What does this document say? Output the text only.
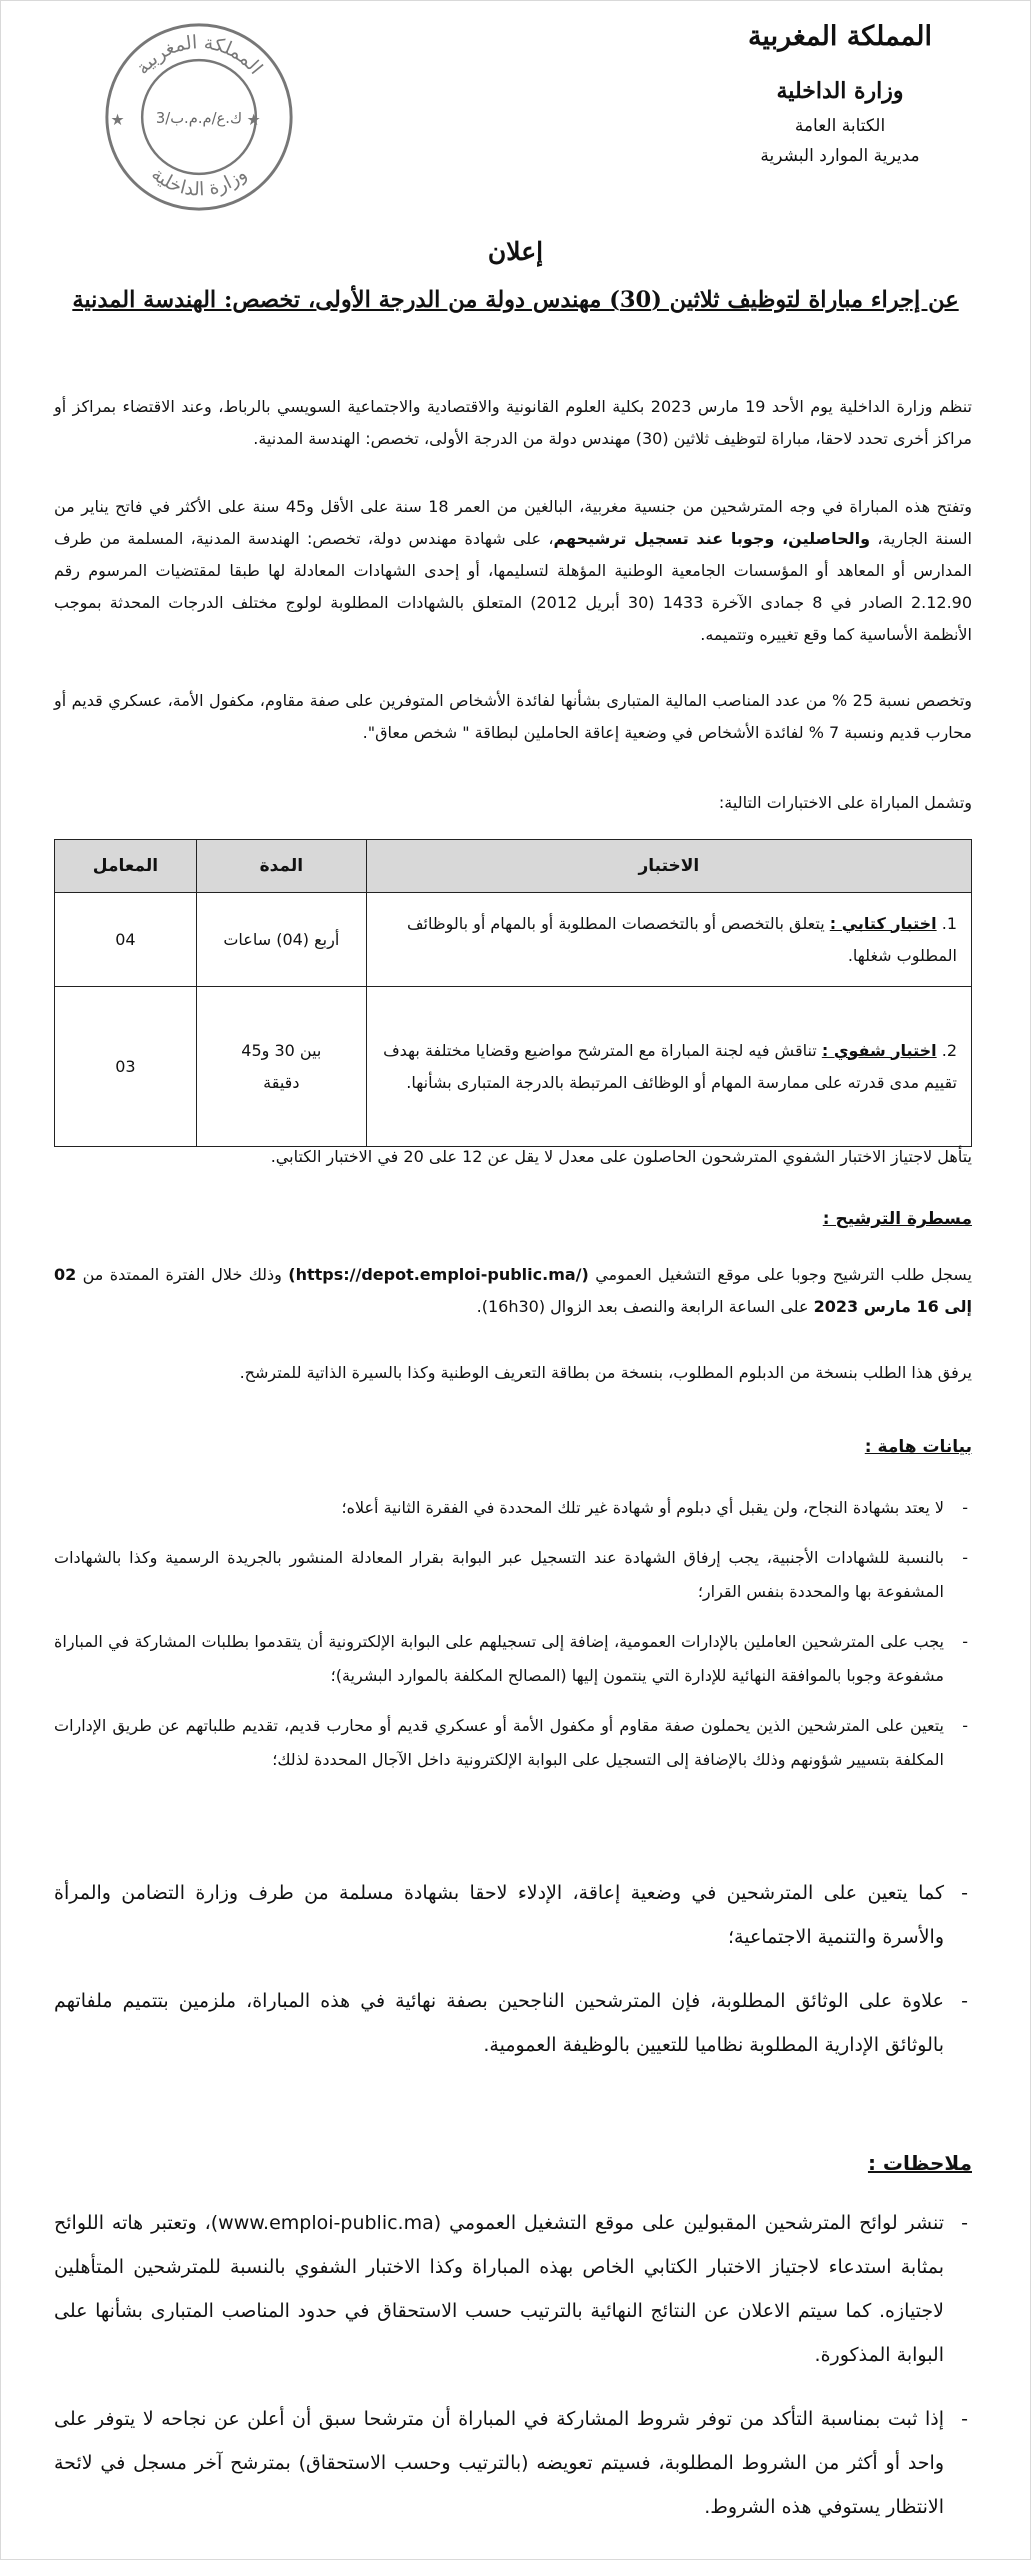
المملكة المغربية
وزارة الداخلية
الكتابة العامة
مديرية الموارد البشرية
المملكة المغربية
وزارة الداخلية
★	★
ك.ع/م.م.ب/3
إعلان
عن إجراء مباراة لتوظيف ثلاثين (30) مهندس دولة من الدرجة الأولى، تخصص: الهندسة المدنية
تنظم وزارة الداخلية يوم الأحد 19 مارس 2023 بكلية العلوم القانونية والاقتصادية والاجتماعية السويسي بالرباط، وعند الاقتضاء بمراكز أو مراكز أخرى تحدد لاحقا، مباراة لتوظيف ثلاثين (30) مهندس دولة من الدرجة الأولى، تخصص: الهندسة المدنية.
وتفتح هذه المباراة في وجه المترشحين من جنسية مغربية، البالغين من العمر 18 سنة على الأقل و45 سنة على الأكثر في فاتح يناير من السنة الجارية، والحاصلين، وجوبا عند تسجيل ترشيحهم، على شهادة مهندس دولة، تخصص: الهندسة المدنية، المسلمة من طرف المدارس أو المعاهد أو المؤسسات الجامعية الوطنية المؤهلة لتسليمها، أو إحدى الشهادات المعادلة لها طبقا لمقتضيات المرسوم رقم 2.12.90 الصادر في 8 جمادى الآخرة 1433 (30 أبريل 2012) المتعلق بالشهادات المطلوبة لولوج مختلف الدرجات المحدثة بموجب الأنظمة الأساسية كما وقع تغييره وتتميمه.
وتخصص نسبة 25 % من عدد المناصب المالية المتبارى بشأنها لفائدة الأشخاص المتوفرين على صفة مقاوم، مكفول الأمة، عسكري قديم أو محارب قديم ونسبة 7 % لفائدة الأشخاص في وضعية إعاقة الحاملين لبطاقة " شخص معاق".
وتشمل المباراة على الاختبارات التالية:
الاختبار	المدة	المعامل
1. اختبار كتابي : يتعلق بالتخصص أو بالتخصصات المطلوبة أو بالمهام أو بالوظائف المطلوب شغلها.	أربع (04) ساعات	04
2. اختبار شفوي : تناقش فيه لجنة المباراة مع المترشح مواضيع وقضايا مختلفة بهدف تقييم مدى قدرته على ممارسة المهام أو الوظائف المرتبطة بالدرجة المتبارى بشأنها.	بين 30 و45 دقيقة	03
يتأهل لاجتياز الاختبار الشفوي المترشحون الحاصلون على معدل لا يقل عن 12 على 20 في الاختبار الكتابي.
مسطرة الترشيح :
يسجل طلب الترشيح وجوبا على موقع التشغيل العمومي (https://depot.emploi-public.ma/) وذلك خلال الفترة الممتدة من 02 إلى 16 مارس 2023 على الساعة الرابعة والنصف بعد الزوال (16h30).
يرفق هذا الطلب بنسخة من الدبلوم المطلوب، بنسخة من بطاقة التعريف الوطنية وكذا بالسيرة الذاتية للمترشح.
بيانات هامة :
- لا يعتد بشهادة النجاح، ولن يقبل أي دبلوم أو شهادة غير تلك المحددة في الفقرة الثانية أعلاه؛
- بالنسبة للشهادات الأجنبية، يجب إرفاق الشهادة عند التسجيل عبر البوابة بقرار المعادلة المنشور بالجريدة الرسمية وكذا بالشهادات المشفوعة بها والمحددة بنفس القرار؛
- يجب على المترشحين العاملين بالإدارات العمومية، إضافة إلى تسجيلهم على البوابة الإلكترونية أن يتقدموا بطلبات المشاركة في المباراة مشفوعة وجوبا بالموافقة النهائية للإدارة التي ينتمون إليها (المصالح المكلفة بالموارد البشرية)؛
- يتعين على المترشحين الذين يحملون صفة مقاوم أو مكفول الأمة أو عسكري قديم أو محارب قديم، تقديم طلباتهم عن طريق الإدارات المكلفة بتسيير شؤونهم وذلك بالإضافة إلى التسجيل على البوابة الإلكترونية داخل الآجال المحددة لذلك؛
- كما يتعين على المترشحين في وضعية إعاقة، الإدلاء لاحقا بشهادة مسلمة من طرف وزارة التضامن والمرأة والأسرة والتنمية الاجتماعية؛
- علاوة على الوثائق المطلوبة، فإن المترشحين الناجحين بصفة نهائية في هذه المباراة، ملزمين بتتميم ملفاتهم بالوثائق الإدارية المطلوبة نظاميا للتعيين بالوظيفة العمومية.
ملاحظات :
- تنشر لوائح المترشحين المقبولين على موقع التشغيل العمومي (www.emploi-public.ma)، وتعتبر هاته اللوائح بمثابة استدعاء لاجتياز الاختبار الكتابي الخاص بهذه المباراة وكذا الاختبار الشفوي بالنسبة للمترشحين المتأهلين لاجتيازه. كما سيتم الاعلان عن النتائج النهائية بالترتيب حسب الاستحقاق في حدود المناصب المتبارى بشأنها على البوابة المذكورة.
- إذا ثبت بمناسبة التأكد من توفر شروط المشاركة في المباراة أن مترشحا سبق أن أعلن عن نجاحه لا يتوفر على واحد أو أكثر من الشروط المطلوبة، فسيتم تعويضه (بالترتيب وحسب الاستحقاق) بمترشح آخر مسجل في لائحة الانتظار يستوفي هذه الشروط.
